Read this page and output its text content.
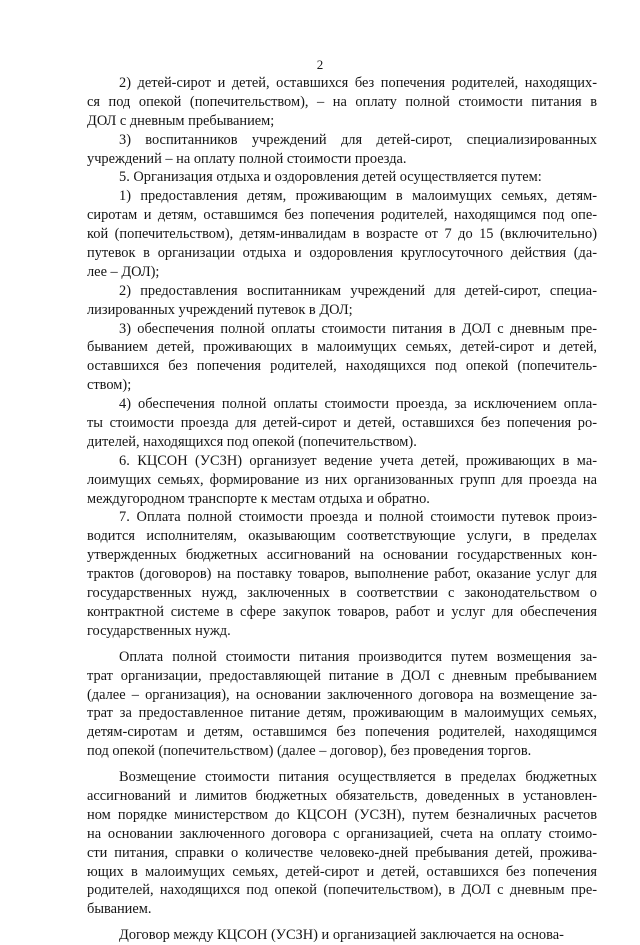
2
2) детей-сирот и детей, оставшихся без попечения родителей, находящих-
ся под опекой (попечительством), – на оплату полной стоимости питания в
ДОЛ с дневным пребыванием;
3) воспитанников учреждений для детей-сирот, специализированных
учреждений – на оплату полной стоимости проезда.
5. Организация отдыха и оздоровления детей осуществляется путем:
1) предоставления детям, проживающим в малоимущих семьях, детям-
сиротам и детям, оставшимся без попечения родителей, находящимся под опе-
кой (попечительством), детям-инвалидам в возрасте от 7 до 15 (включительно)
путевок в организации отдыха и оздоровления круглосуточного действия (да-
лее – ДОЛ);
2) предоставления воспитанникам учреждений для детей-сирот, специа-
лизированных учреждений путевок в ДОЛ;
3) обеспечения полной оплаты стоимости питания в ДОЛ с дневным пре-
быванием детей, проживающих в малоимущих семьях, детей-сирот и детей,
оставшихся без попечения родителей, находящихся под опекой (попечитель-
ством);
4) обеспечения полной оплаты стоимости проезда, за исключением опла-
ты стоимости проезда для детей-сирот и детей, оставшихся без попечения ро-
дителей, находящихся под опекой (попечительством).
6. КЦСОН (УСЗН) организует ведение учета детей, проживающих в ма-
лоимущих семьях, формирование из них организованных групп для проезда на
междугородном транспорте к местам отдыха и обратно.
7. Оплата полной стоимости проезда и полной стоимости путевок произ-
водится исполнителям, оказывающим соответствующие услуги, в пределах
утвержденных бюджетных ассигнований на основании государственных кон-
трактов (договоров) на поставку товаров, выполнение работ, оказание услуг для
государственных нужд, заключенных в соответствии с законодательством о
контрактной системе в сфере закупок товаров, работ и услуг для обеспечения
государственных нужд.
Оплата полной стоимости питания производится путем возмещения за-
трат организации, предоставляющей питание в ДОЛ с дневным пребыванием
(далее – организация), на основании заключенного договора на возмещение за-
трат за предоставленное питание детям, проживающим в малоимущих семьях,
детям-сиротам и детям, оставшимся без попечения родителей, находящимся
под опекой (попечительством) (далее – договор), без проведения торгов.
Возмещение стоимости питания осуществляется в пределах бюджетных
ассигнований и лимитов бюджетных обязательств, доведенных в установлен-
ном порядке министерством до КЦСОН (УСЗН), путем безналичных расчетов
на основании заключенного договора с организацией, счета на оплату стоимо-
сти питания, справки о количестве человеко-дней пребывания детей, прожива-
ющих в малоимущих семьях, детей-сирот и детей, оставшихся без попечения
родителей, находящихся под опекой (попечительством), в ДОЛ с дневным пре-
быванием.
Договор между КЦСОН (УСЗН) и организацией заключается на основа-
